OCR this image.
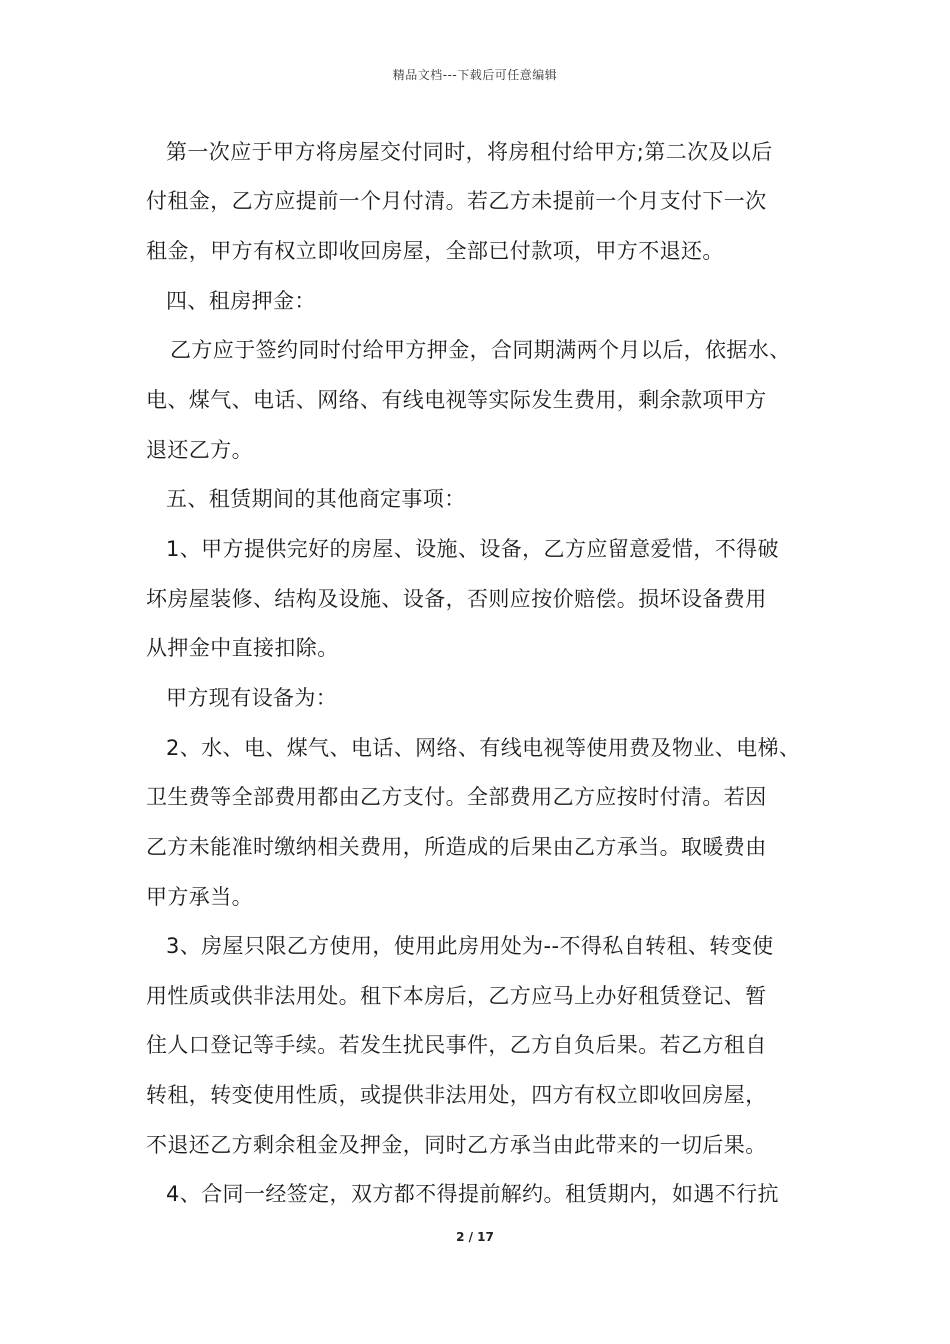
精品文档---下载后可任意编辑
第一次应于甲方将房屋交付同时，将房租付给甲方;第二次及以后
付租金，乙方应提前一个月付清。若乙方未提前一个月支付下一次
租金，甲方有权立即收回房屋，全部已付款项，甲方不退还。
四、租房押金：
乙方应于签约同时付给甲方押金，合同期满两个月以后，依据水、
电、煤气、电话、网络、有线电视等实际发生费用，剩余款项甲方
退还乙方。
五、租赁期间的其他商定事项：
1、甲方提供完好的房屋、设施、设备，乙方应留意爱惜，不得破
坏房屋装修、结构及设施、设备，否则应按价赔偿。损坏设备费用
从押金中直接扣除。
甲方现有设备为：
2、水、电、煤气、电话、网络、有线电视等使用费及物业、电梯、
卫生费等全部费用都由乙方支付。全部费用乙方应按时付清。若因
乙方未能准时缴纳相关费用，所造成的后果由乙方承当。取暖费由
甲方承当。
3、房屋只限乙方使用，使用此房用处为--不得私自转租、转变使
用性质或供非法用处。租下本房后，乙方应马上办好租赁登记、暂
住人口登记等手续。若发生扰民事件，乙方自负后果。若乙方租自
转租，转变使用性质，或提供非法用处，四方有权立即收回房屋，
不退还乙方剩余租金及押金，同时乙方承当由此带来的一切后果。
4、合同一经签定，双方都不得提前解约。租赁期内，如遇不行抗
2 / 17
